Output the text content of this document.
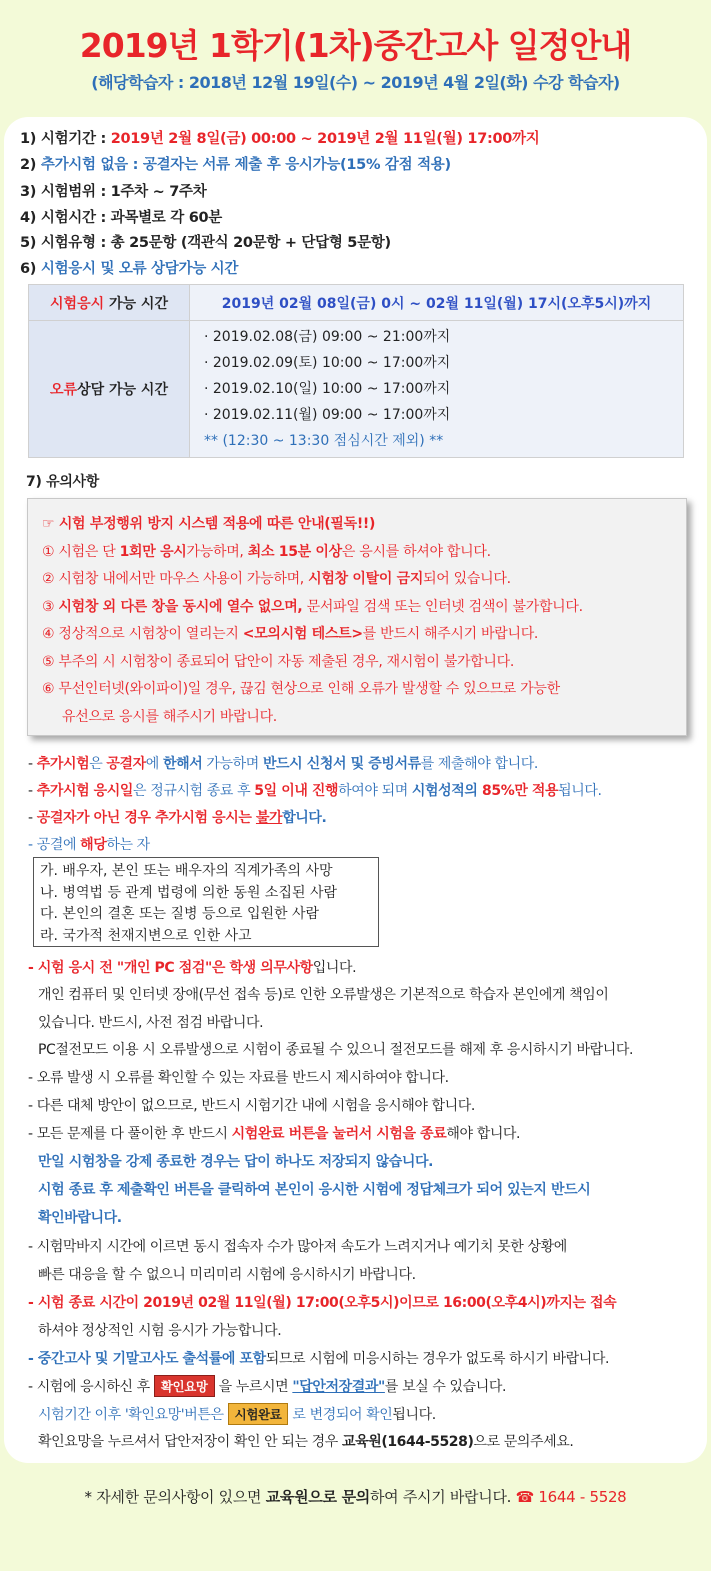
2019년 1학기(1차)중간고사 일정안내
(해당학습자 : 2018년 12월 19일(수) ~ 2019년 4월 2일(화) 수강 학습자)
1) 시험기간 : 2019년 2월 8일(금) 00:00 ~ 2019년 2월 11일(월) 17:00까지
2) 추가시험 없음 : 공결자는 서류 제출 후 응시가능(15% 감점 적용)
3) 시험범위 : 1주차 ~ 7주차
4) 시험시간 : 과목별로 각 60분
5) 시험유형 : 총 25문항 (객관식 20문항 + 단답형 5문항)
6) 시험응시 및 오류 상담가능 시간
시험응시 가능 시간	2019년 02월 08일(금) 0시 ~ 02월 11일(월) 17시(오후5시)까지
오류상담 가능 시간	· 2019.02.08(금) 09:00 ~ 21:00까지
· 2019.02.09(토) 10:00 ~ 17:00까지
· 2019.02.10(일) 10:00 ~ 17:00까지
· 2019.02.11(월) 09:00 ~ 17:00까지
** (12:30 ~ 13:30 점심시간 제외) **
7) 유의사항
☞ 시험 부정행위 방지 시스템 적용에 따른 안내(필독!!)
① 시험은 단 1회만 응시가능하며, 최소 15분 이상은 응시를 하셔야 합니다.
② 시험창 내에서만 마우스 사용이 가능하며, 시험창 이탈이 금지되어 있습니다.
③ 시험창 외 다른 창을 동시에 열수 없으며, 문서파일 검색 또는 인터넷 검색이 불가합니다.
④ 정상적으로 시험창이 열리는지 <모의시험 테스트>를 반드시 해주시기 바랍니다.
⑤ 부주의 시 시험창이 종료되어 답안이 자동 제출된 경우, 재시험이 불가합니다.
⑥ 무선인터넷(와이파이)일 경우, 끊김 현상으로 인해 오류가 발생할 수 있으므로 가능한
유선으로 응시를 해주시기 바랍니다.
- 추가시험은 공결자에 한해서 가능하며 반드시 신청서 및 증빙서류를 제출해야 합니다.
- 추가시험 응시일은 정규시험 종료 후 5일 이내 진행하여야 되며 시험성적의 85%만 적용됩니다.
- 공결자가 아닌 경우 추가시험 응시는 불가합니다.
- 공결에 해당하는 자
가. 배우자, 본인 또는 배우자의 직계가족의 사망
나. 병역법 등 관계 법령에 의한 동원 소집된 사람
다. 본인의 결혼 또는 질병 등으로 입원한 사람
라. 국가적 천재지변으로 인한 사고
- 시험 응시 전 "개인 PC 점검"은 학생 의무사항입니다.
개인 컴퓨터 및 인터넷 장애(무선 접속 등)로 인한 오류발생은 기본적으로 학습자 본인에게 책임이
있습니다. 반드시, 사전 점검 바랍니다.
PC절전모드 이용 시 오류발생으로 시험이 종료될 수 있으니 절전모드를 해제 후 응시하시기 바랍니다.
- 오류 발생 시 오류를 확인할 수 있는 자료를 반드시 제시하여야 합니다.
- 다른 대체 방안이 없으므로, 반드시 시험기간 내에 시험을 응시해야 합니다.
- 모든 문제를 다 풀이한 후 반드시 시험완료 버튼을 눌러서 시험을 종료해야 합니다.
만일 시험창을 강제 종료한 경우는 답이 하나도 저장되지 않습니다.
시험 종료 후 제출확인 버튼을 클릭하여 본인이 응시한 시험에 정답체크가 되어 있는지 반드시
확인바랍니다.
- 시험막바지 시간에 이르면 동시 접속자 수가 많아져 속도가 느려지거나 예기치 못한 상황에
빠른 대응을 할 수 없으니 미리미리 시험에 응시하시기 바랍니다.
- 시험 종료 시간이 2019년 02월 11일(월) 17:00(오후5시)이므로 16:00(오후4시)까지는 접속
하셔야 정상적인 시험 응시가 가능합니다.
- 중간고사 및 기말고사도 출석률에 포함되므로 시험에 미응시하는 경우가 없도록 하시기 바랍니다.
- 시험에 응시하신 후 확인요망 을 누르시면 "답안저장결과"를 보실 수 있습니다.
시험기간 이후 '확인요망'버튼은 시험완료 로 변경되어 확인됩니다.
확인요망을 누르셔서 답안저장이 확인 안 되는 경우 교육원(1644-5528)으로 문의주세요.
* 자세한 문의사항이 있으면 교육원으로 문의하여 주시기 바랍니다. ☎ 1644 - 5528
